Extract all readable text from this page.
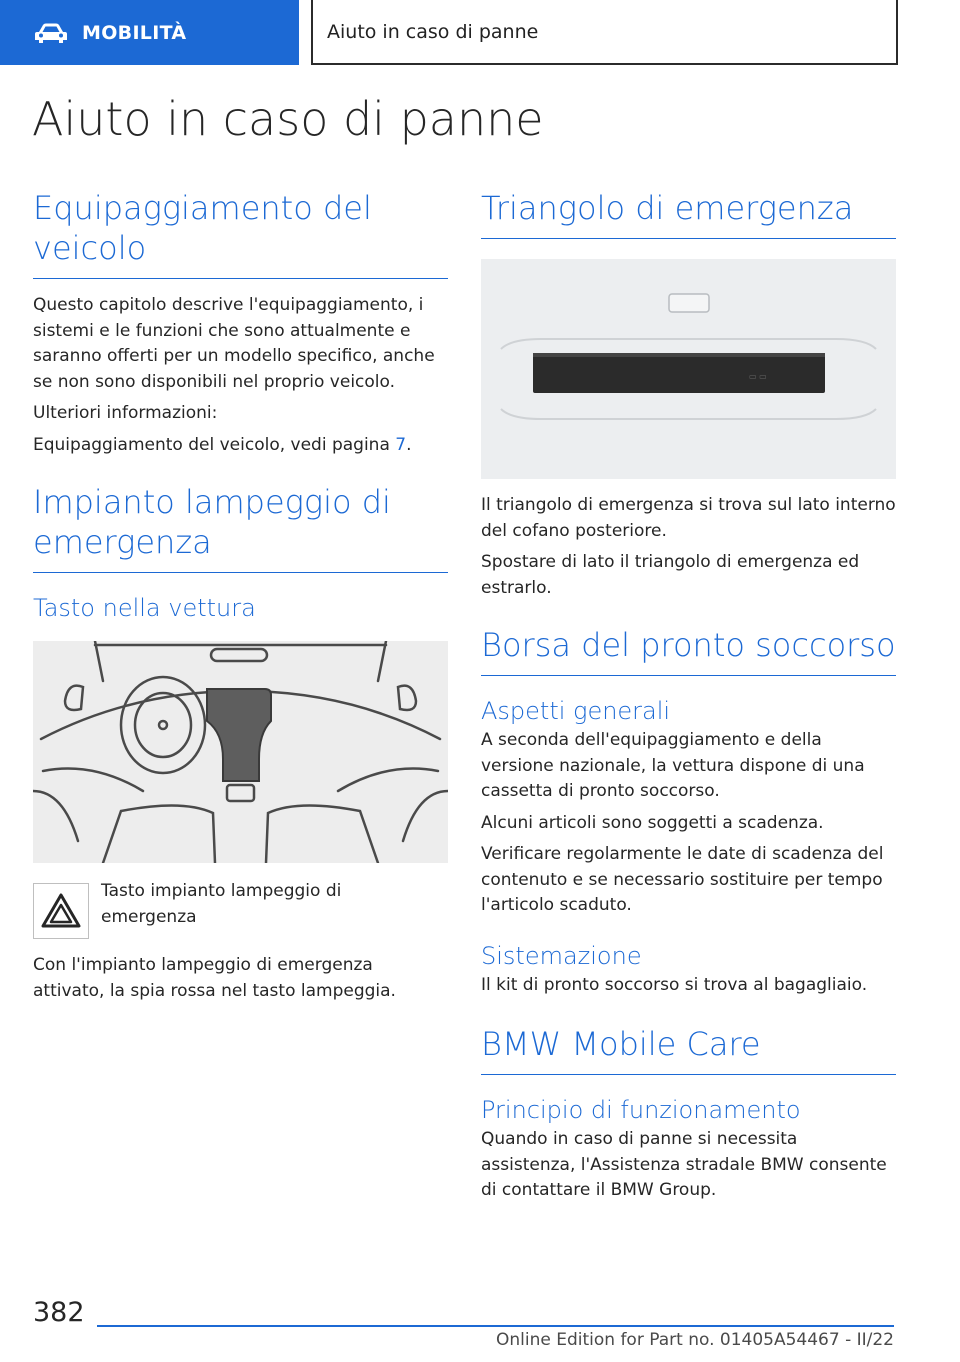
MOBILITÀ	Aiuto in caso di panne
Aiuto in caso di panne
Equipaggiamento del veicolo

Questo capitolo descrive l'equipaggiamento, i sistemi e le funzioni che sono attualmente e saranno offerti per un modello specifico, anche se non sono disponibili nel proprio veicolo.

Ulteriori informazioni:

Equipaggiamento del veicolo, vedi pagina 7.

Impianto lampeggio di emergenza
Tasto nella vettura

Tasto impianto lampeggio di emergenza

Con l'impianto lampeggio di emergenza attivato, la spia rossa nel tasto lampeggia.

Triangolo di emergenza
▭ ▭

Il triangolo di emergenza si trova sul lato interno del cofano posteriore.

Spostare di lato il triangolo di emergenza ed estrarlo.

Borsa del pronto soccorso
Aspetti generali

A seconda dell'equipaggiamento e della versione nazionale, la vettura dispone di una cassetta di pronto soccorso.

Alcuni articoli sono soggetti a scadenza.

Verificare regolarmente le date di scadenza del contenuto e se necessario sostituire per tempo l'articolo scaduto.

Sistemazione

Il kit di pronto soccorso si trova al bagagliaio.

BMW Mobile Care
Principio di funzionamento

Quando in caso di panne si necessita assistenza, l'Assistenza stradale BMW consente di contattare il BMW Group.

382
Online Edition for Part no. 01405A54467 - II/22
